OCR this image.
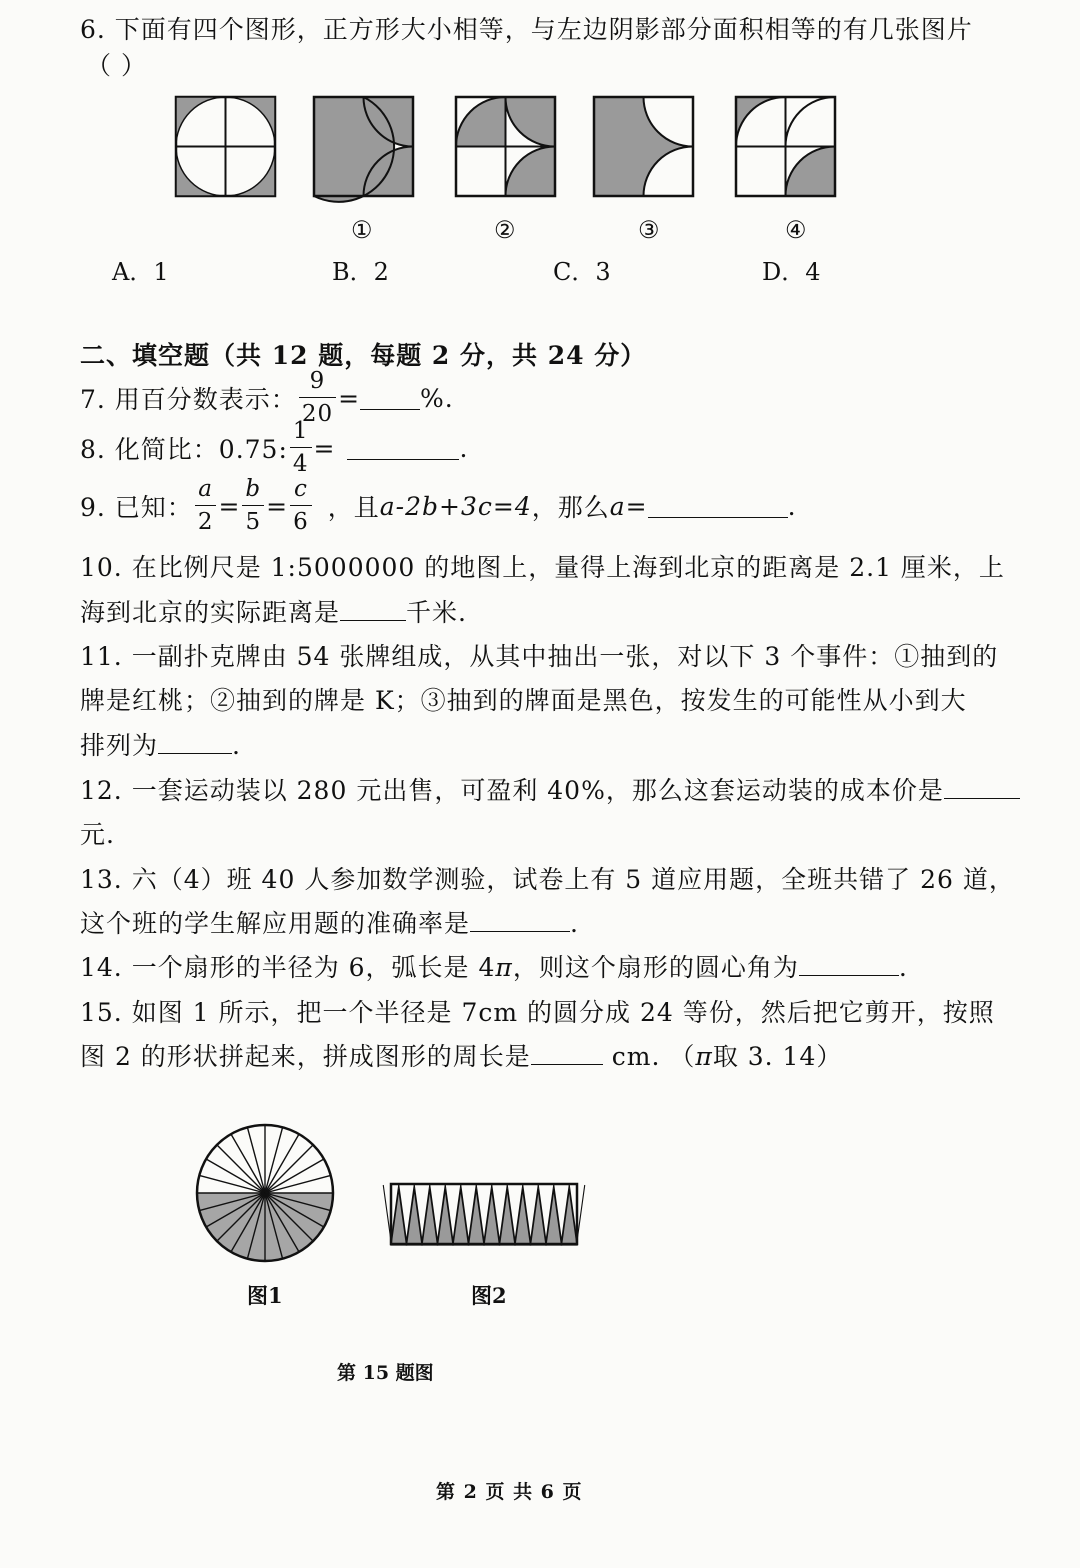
6. 下面有四个图形，正方形大小相等，与左边阴影部分面积相等的有几张图片
（ ）
①	②	③	④
A．1	B．2	C．3	D．4
二、填空题（共 12 题，每题 2 分，共 24 分）
7. 用百分数表示： $\frac{9}{20}$ = %.
8. 化简比：0.75: $\frac{1}{4}$ =	.
9. 已知： $\frac{a}{2} = \frac{b}{5} = \frac{c}{6}$ ，且 a-2b+3c=4 ，那么 a=	.
10. 在比例尺是 1:5000000 的地图上，量得上海到北京的距离是 2.1 厘米，上
海到北京的实际距离是	千米.
11. 一副扑克牌由 54 张牌组成，从其中抽出一张，对以下 3 个事件：①抽到的
牌是红桃；②抽到的牌是 K；③抽到的牌面是黑色，按发生的可能性从小到大
排列为	.
12. 一套运动装以 280 元出售，可盈利 40%，那么这套运动装的成本价是
元.
13. 六（4）班 40 人参加数学测验，试卷上有 5 道应用题，全班共错了 26 道，
这个班的学生解应用题的准确率是	.
14. 一个扇形的半径为 6，弧长是 4π，则这个扇形的圆心角为	.
15. 如图 1 所示，把一个半径是 7cm 的圆分成 24 等份，然后把它剪开，按照
图 2 的形状拼起来，拼成图形的周长是	cm. （π取 3. 14）
图1	图2
第 15 题图
第 2 页 共 6 页
